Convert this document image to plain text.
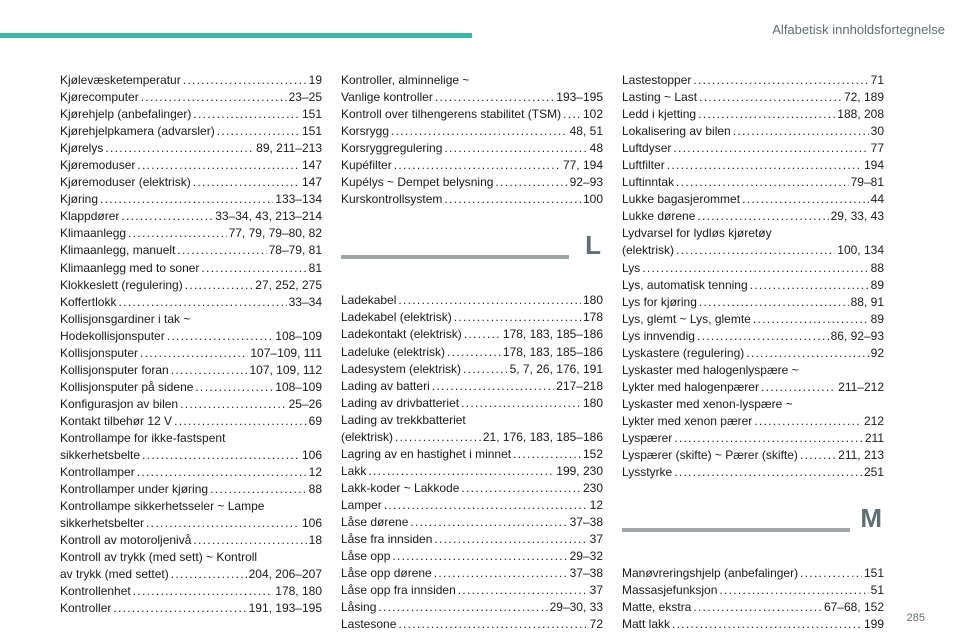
Alfabetisk innholdsfortegnelse
Kjølevæsketemperatur .....	19
Kjørecomputer .....	23–25
Kjørehjelp (anbefalinger) .....	151
Kjørehjelpkamera (advarsler) .....	151
Kjørelys .....	89, 211–213
Kjøremoduser .....	147
Kjøremoduser (elektrisk) .....	147
Kjøring .....	133–134
Klappdører .....	33–34, 43, 213–214
Klimaanlegg .....	77, 79, 79–80, 82
Klimaanlegg, manuelt .....	78–79, 81
Klimaanlegg med to soner .....	81
Klokkeslett (regulering) .....	27, 252, 275
Koffertlokk .....	33–34
Kollisjonsgardiner i tak ~
Hodekollisjonsputer .....	108–109
Kollisjonsputer .....	107–109, 111
Kollisjonsputer foran .....	107, 109, 112
Kollisjonsputer på sidene .....	108–109
Konfigurasjon av bilen .....	25–26
Kontakt tilbehør 12 V .....	69
Kontrollampe for ikke-fastspent
sikkerhetsbelte .....	106
Kontrollamper .....	12
Kontrollamper under kjøring .....	88
Kontrollampe sikkerhetsseler ~ Lampe
sikkerhetsbelter .....	106
Kontroll av motoroljenivå .....	18
Kontroll av trykk (med sett) ~ Kontroll
av trykk (med settet) .....	204, 206–207
Kontrollenhet .....	178, 180
Kontroller .....	191, 193–195
Kontroller, alminnelige ~
Vanlige kontroller .....	193–195
Kontroll over tilhengerens stabilitet (TSM) ..... 102
Korsrygg .....	48, 51
Korsryggregulering .....	48
Kupéfilter .....	77, 194
Kupélys ~ Dempet belysning .....	92–93
Kurskontrollsystem .....	100
L
Ladekabel .....	180
Ladekabel (elektrisk) .....	178
Ladekontakt (elektrisk) .....	178, 183, 185–186
Ladeluke (elektrisk) .....	178, 183, 185–186
Ladesystem (elektrisk) .....	5, 7, 26, 176, 191
Lading av batteri .....	217–218
Lading av drivbatteriet .....	180
Lading av trekkbatteriet
(elektrisk) .....	21, 176, 183, 185–186
Lagring av en hastighet i minnet .....	152
Lakk .....	199, 230
Lakk-koder ~ Lakkode .....	230
Lamper .....	12
Låse dørene .....	37–38
Låse fra innsiden .....	37
Låse opp .....	29–32
Låse opp dørene .....	37–38
Låse opp fra innsiden .....	37
Låsing .....	29–30, 33
Lastesone .....	72
Lastestopper .....	71
Lasting ~ Last .....	72, 189
Ledd i kjetting .....	188, 208
Lokalisering av bilen .....	30
Luftdyser .....	77
Luftfilter .....	194
Luftinntak .....	79–81
Lukke bagasjerommet .....	44
Lukke dørene .....	29, 33, 43
Lydvarsel for lydløs kjøretøy
(elektrisk) .....	100, 134
Lys .....	88
Lys, automatisk tenning .....	89
Lys for kjøring .....	88, 91
Lys, glemt ~ Lys, glemte .....	89
Lys innvendig .....	86, 92–93
Lyskastere (regulering) .....	92
Lyskaster med halogenlyspære ~
Lykter med halogenpærer .....	211–212
Lyskaster med xenon-lyspære ~
Lykter med xenon pærer .....	212
Lyspærer .....	211
Lyspærer (skifte) ~ Pærer (skifte) .....	211, 213
Lysstyrke .....	251
M
Manøvreringshjelp (anbefalinger) .....	151
Massasjefunksjon .....	51
Matte, ekstra .....	67–68, 152
Matt lakk .....	199 285
